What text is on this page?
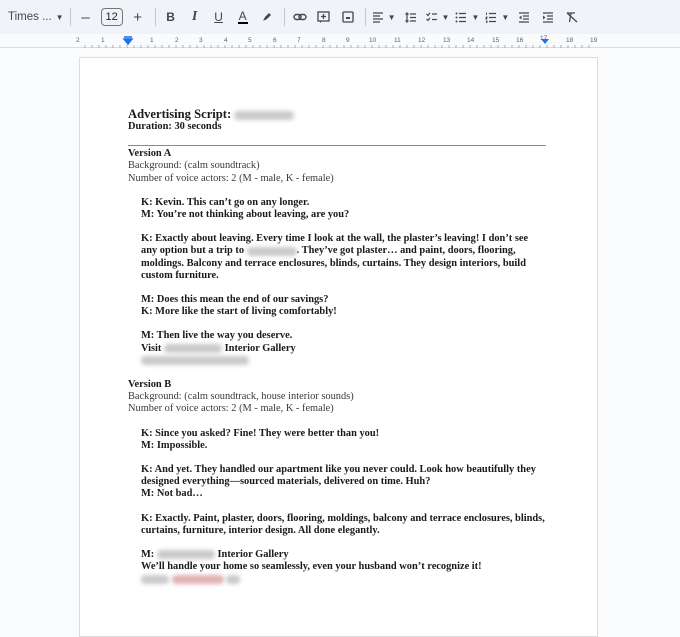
Times ... ▼	–	12	+	B	I	U	A	▼	▼	▼	▼
2	1	1	2	3	4	5	6	7	8	9	10	11	12	13	14	15	16	18	19
17
Advertising Script:
Duration: 30 seconds
Version A
Background: (calm soundtrack)
Number of voice actors: 2 (M - male, K - female)
K: Kevin. This can’t go on any longer.
M: You’re not thinking about leaving, are you?
K: Exactly about leaving. Every time I look at the wall, the plaster’s leaving! I don’t see
any option but a trip to	. They’ve got plaster… and paint, doors, flooring,
moldings. Balcony and terrace enclosures, blinds, curtains. They design interiors, build
custom furniture.
M: Does this mean the end of our savings?
K: More like the start of living comfortably!
M: Then live the way you deserve.
Visit	Interior Gallery
Version B
Background: (calm soundtrack, house interior sounds)
Number of voice actors: 2 (M - male, K - female)
K: Since you asked? Fine! They were better than you!
M: Impossible.
K: And yet. They handled our apartment like you never could. Look how beautifully they
designed everything—sourced materials, delivered on time. Huh?
M: Not bad…
K: Exactly. Paint, plaster, doors, flooring, moldings, balcony and terrace enclosures, blinds,
curtains, furniture, interior design. All done elegantly.
M:	Interior Gallery
We’ll handle your home so seamlessly, even your husband won’t recognize it!
